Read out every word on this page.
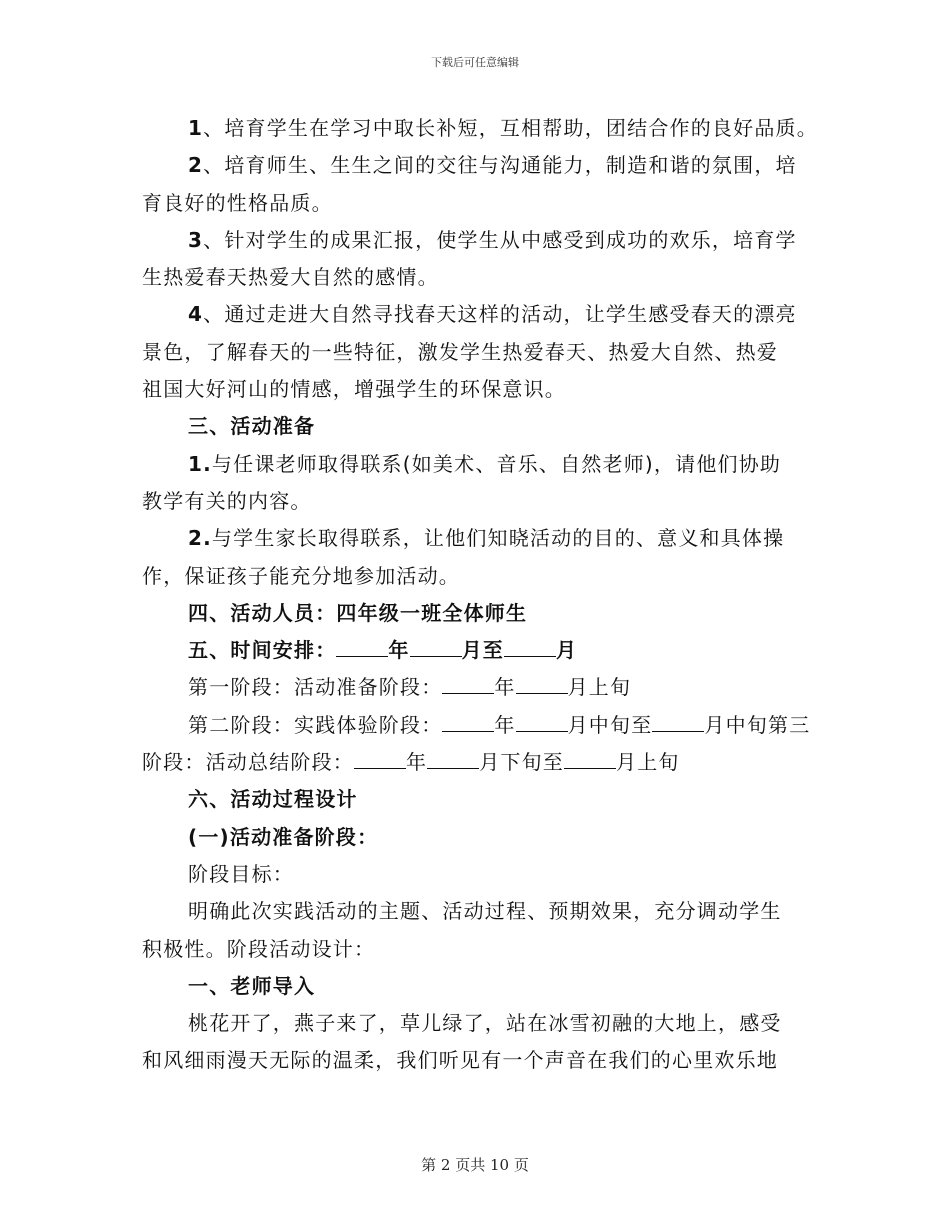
下载后可任意编辑
1、培育学生在学习中取长补短，互相帮助，团结合作的良好品质。
2、培育师生、生生之间的交往与沟通能力，制造和谐的氛围，培
育良好的性格品质。
3、针对学生的成果汇报，使学生从中感受到成功的欢乐，培育学
生热爱春天热爱大自然的感情。
4、通过走进大自然寻找春天这样的活动，让学生感受春天的漂亮
景色，了解春天的一些特征，激发学生热爱春天、热爱大自然、热爱
祖国大好河山的情感，增强学生的环保意识。
三、活动准备
1.与任课老师取得联系(如美术、音乐、自然老师)，请他们协助
教学有关的内容。
2.与学生家长取得联系，让他们知晓活动的目的、意义和具体操
作，保证孩子能充分地参加活动。
四、活动人员：四年级一班全体师生
五、时间安排：	年	月至	月
第一阶段：活动准备阶段：	年	月上旬
第二阶段：实践体验阶段：	年	月中旬至	月中旬第三
阶段：活动总结阶段：	年	月下旬至	月上旬
六、活动过程设计
(一)活动准备阶段：
阶段目标：
明确此次实践活动的主题、活动过程、预期效果，充分调动学生
积极性。阶段活动设计：
一、老师导入
桃花开了，燕子来了，草儿绿了，站在冰雪初融的大地上，感受
和风细雨漫天无际的温柔，我们听见有一个声音在我们的心里欢乐地
第 2 页共 10 页
